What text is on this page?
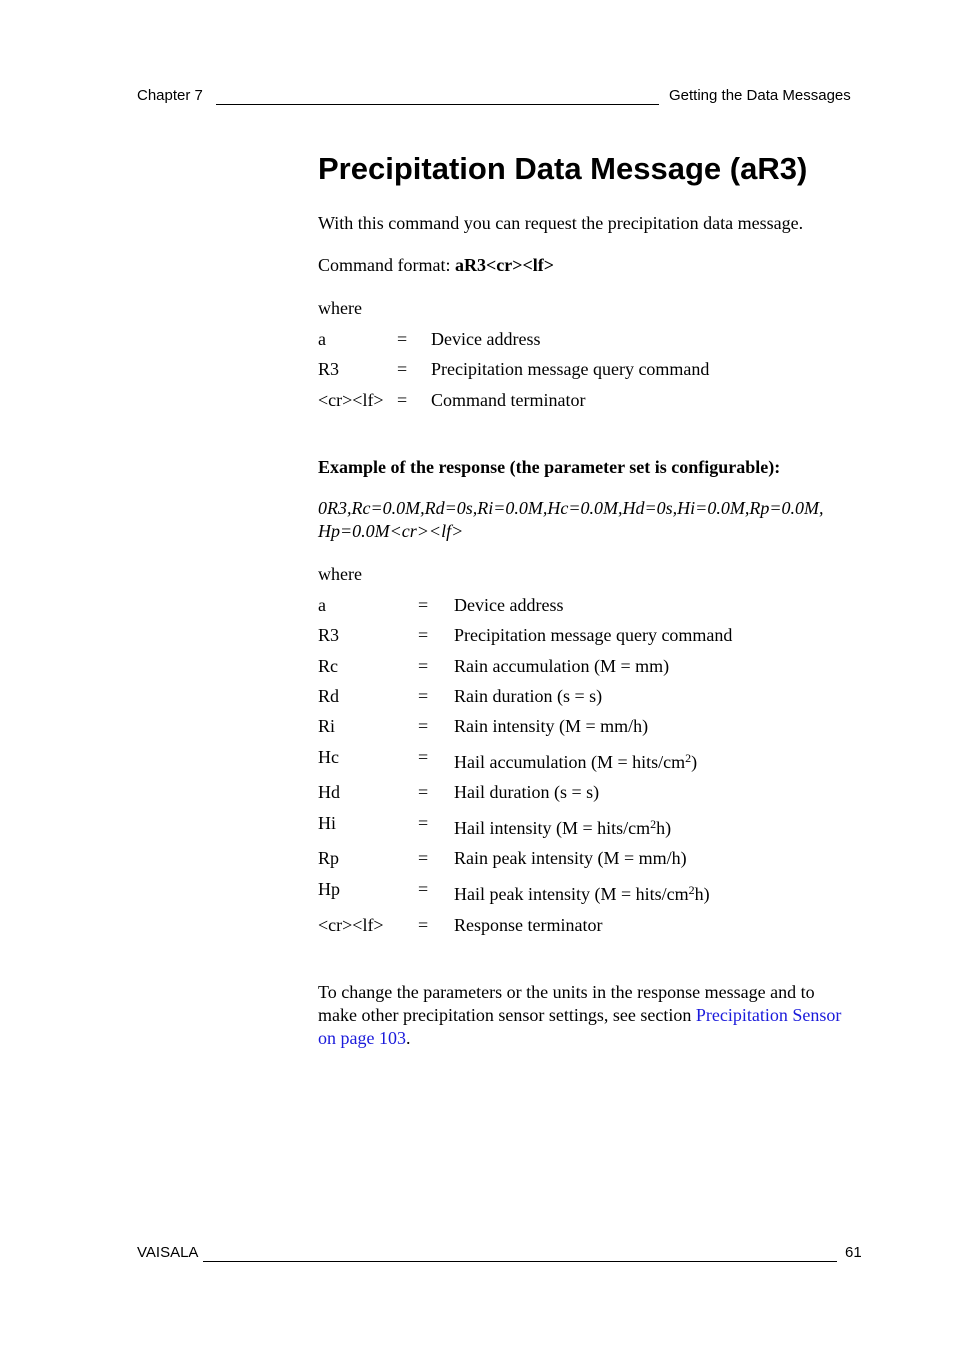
Chapter 7	Getting the Data Messages
Precipitation Data Message (aR3)
With this command you can request the precipitation data message.
Command format: aR3<cr><lf>
where
a	= Device address
R3	= Precipitation message query command
<cr><lf> = Command terminator
Example of the response (the parameter set is configurable):
0R3,Rc=0.0M,Rd=0s,Ri=0.0M,Hc=0.0M,Hd=0s,Hi=0.0M,Rp=0.0M,
Hp=0.0M<cr><lf>
where
a	= Device address
R3	= Precipitation message query command
Rc	= Rain accumulation (M = mm)
Rd	= Rain duration (s = s)
Ri	= Rain intensity (M = mm/h)
Hc	= Hail accumulation (M = hits/$cm^2$)
Hd	= Hail duration (s = s)
Hi	= Hail intensity (M = hits/$cm^2h$)
Rp	= Rain peak intensity (M = mm/h)
Hp	= Hail peak intensity (M = hits/$cm^2h$)
<cr><lf> = Response terminator
To change the parameters or the units in the response message and to make other precipitation sensor settings, see section Precipitation Sensor on page 103.
VAISALA	61
